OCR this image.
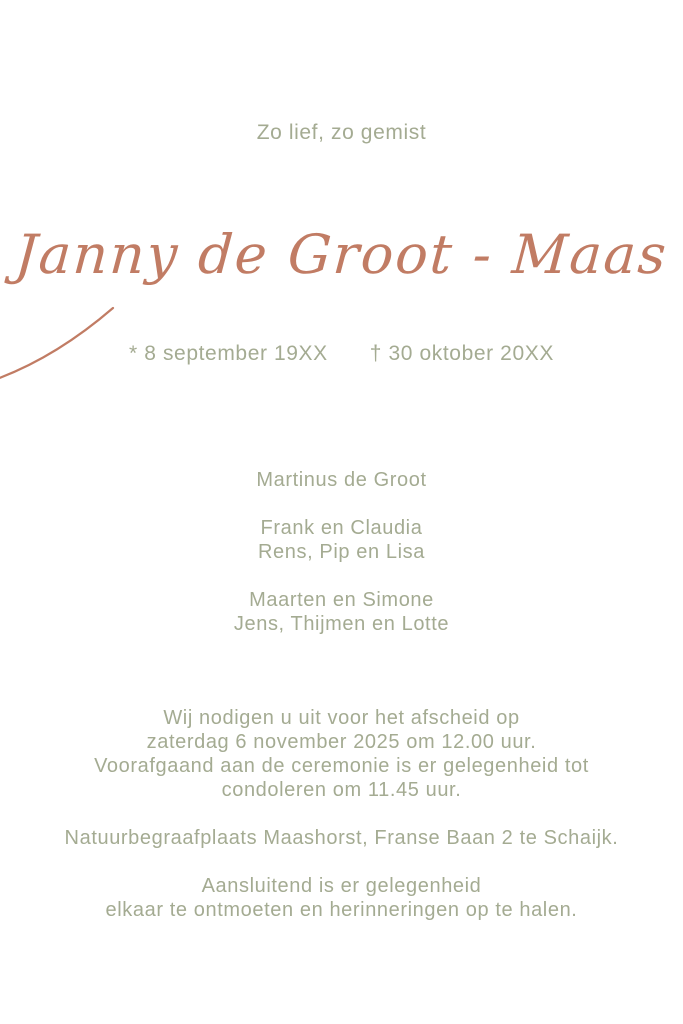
Zo lief, zo gemist
Janny de Groot - Maas
* 8 september 19XX † 30 oktober 20XX
Martinus de Groot
Frank en Claudia
Rens, Pip en Lisa
Maarten en Simone
Jens, Thijmen en Lotte
Wij nodigen u uit voor het afscheid op
zaterdag 6 november 2025 om 12.00 uur.
Voorafgaand aan de ceremonie is er gelegenheid tot
condoleren om 11.45 uur.
Natuurbegraafplaats Maashorst, Franse Baan 2 te Schaijk.
Aansluitend is er gelegenheid
elkaar te ontmoeten en herinneringen op te halen.
